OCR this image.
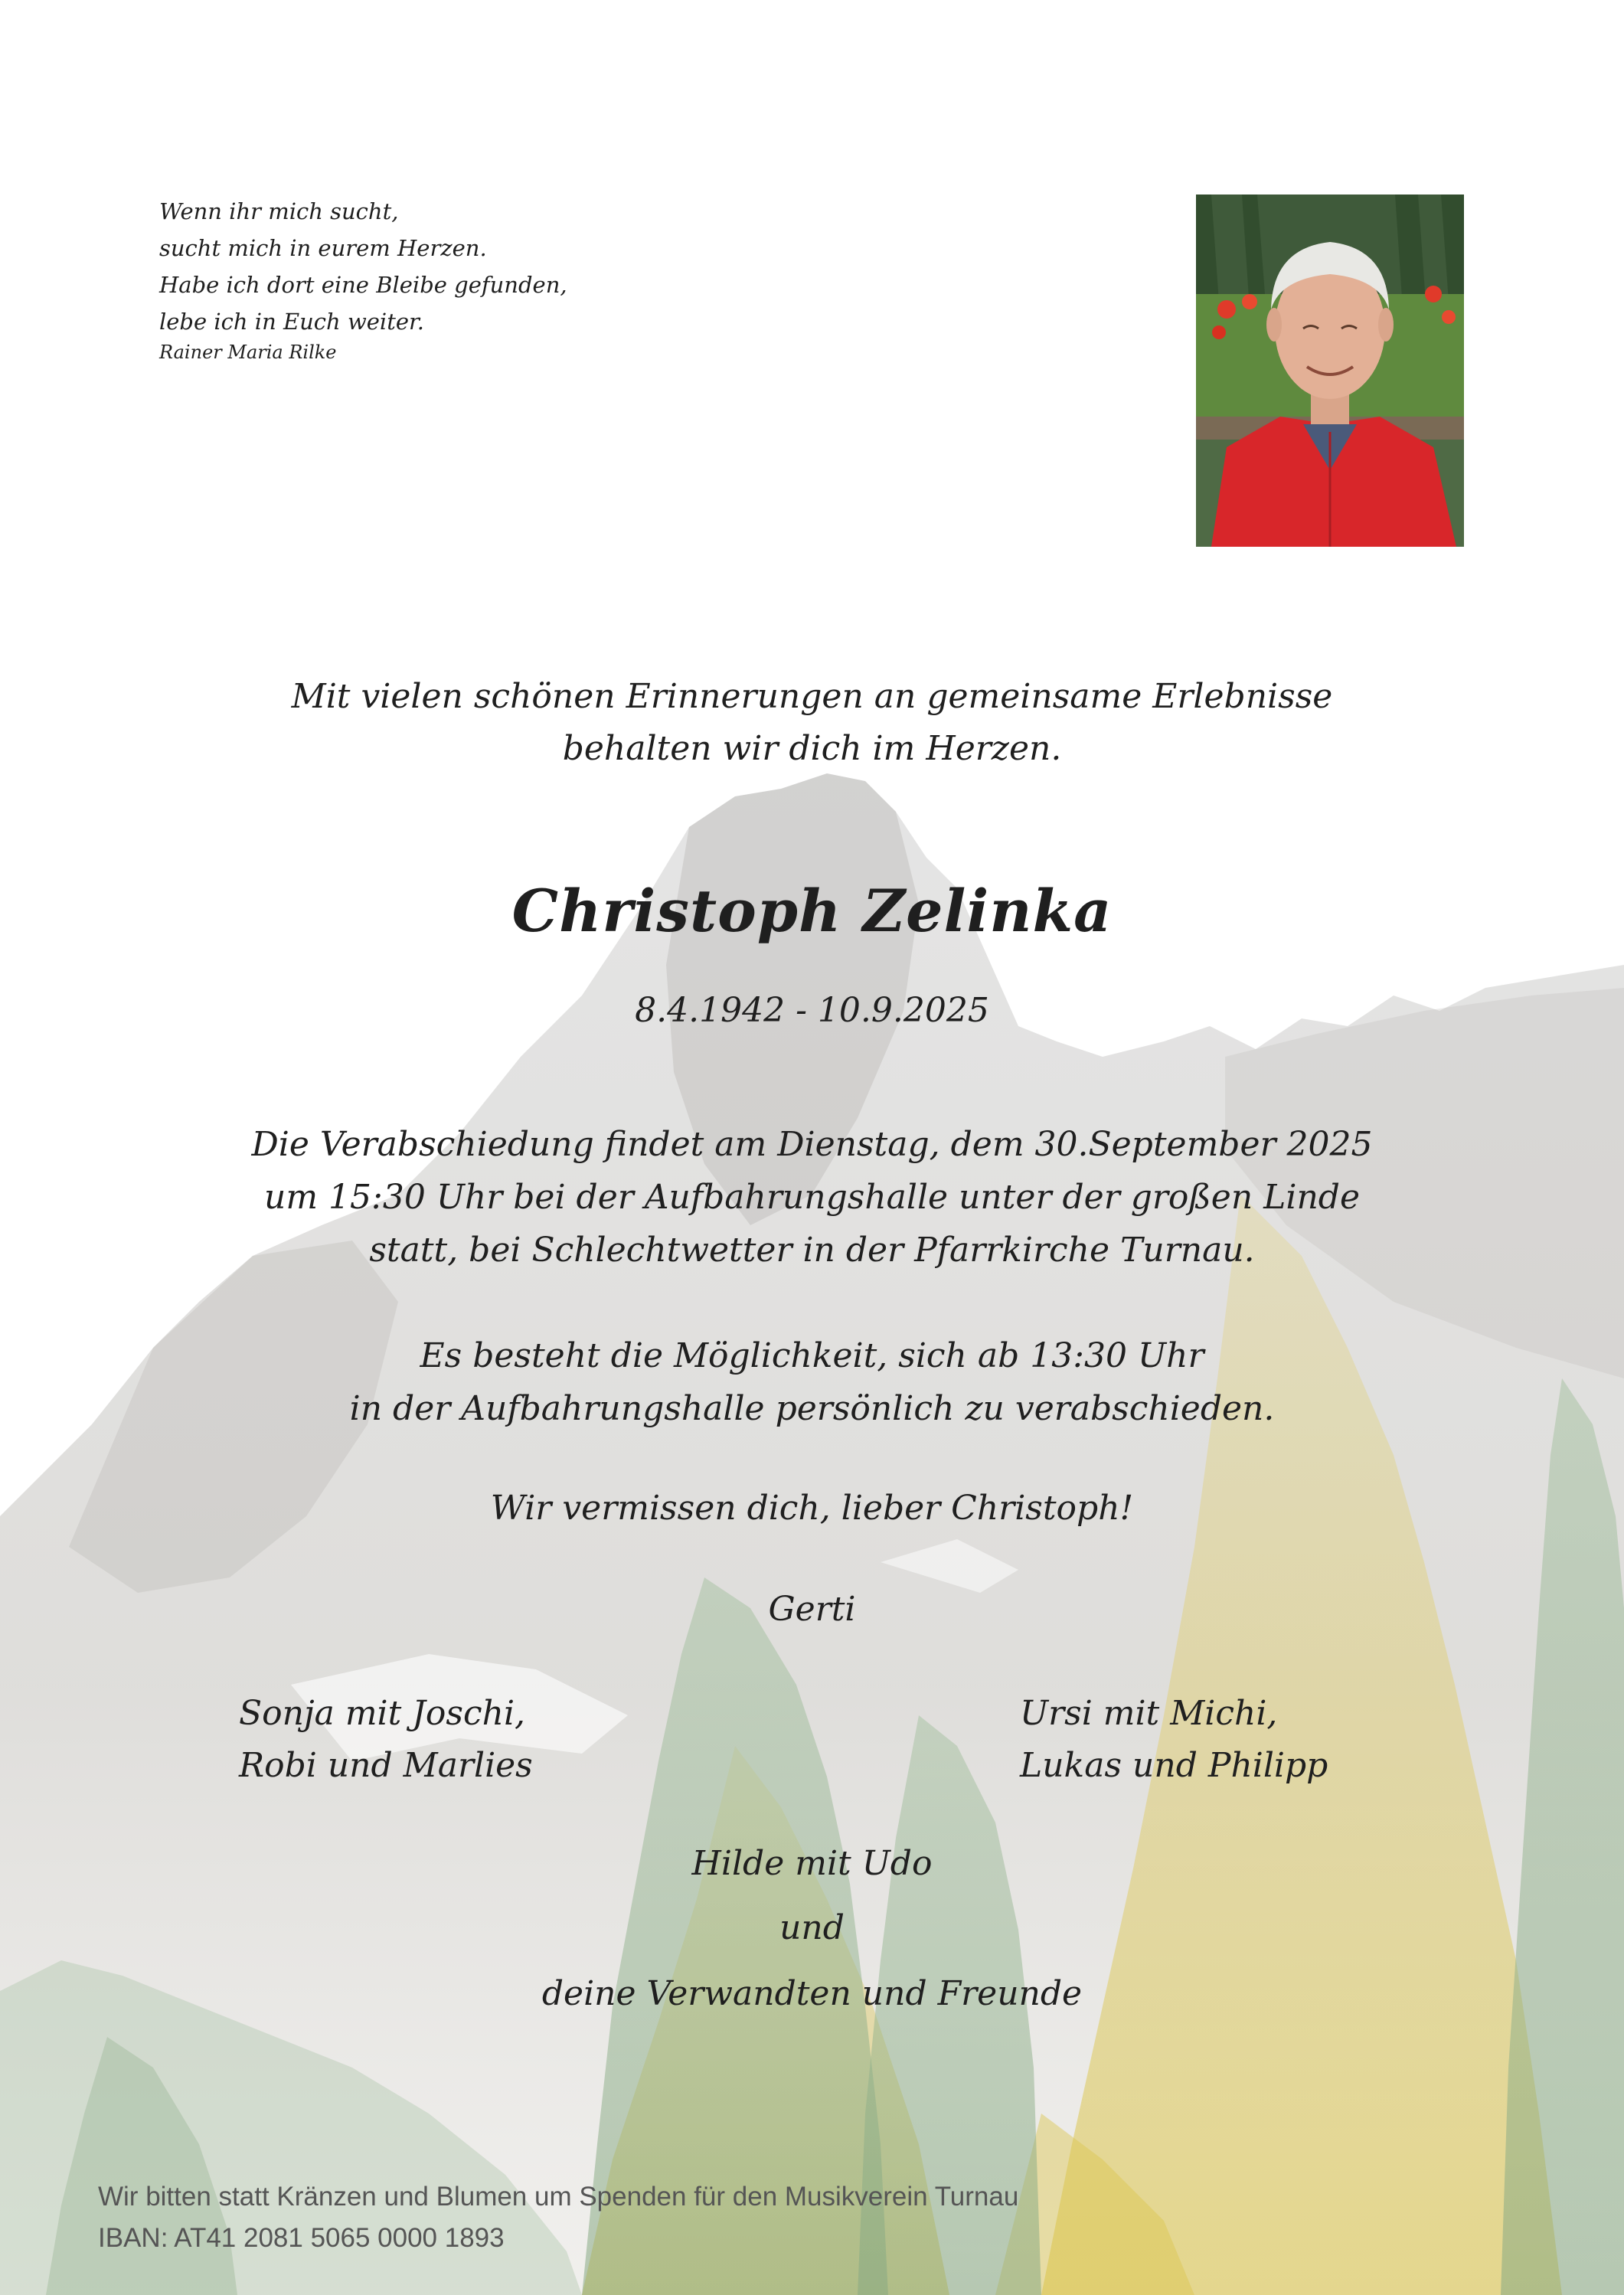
Wenn ihr mich sucht,
sucht mich in eurem Herzen.
Habe ich dort eine Bleibe gefunden,
lebe ich in Euch weiter.
Rainer Maria Rilke
Mit vielen schönen Erinnerungen an gemeinsame Erlebnisse
behalten wir dich im Herzen.
Christoph Zelinka
8.4.1942 - 10.9.2025
Die Verabschiedung findet am Dienstag, dem 30.September 2025
um 15:30 Uhr bei der Aufbahrungshalle unter der großen Linde
statt, bei Schlechtwetter in der Pfarrkirche Turnau.
Es besteht die Möglichkeit, sich ab 13:30 Uhr
in der Aufbahrungshalle persönlich zu verabschieden.
Wir vermissen dich, lieber Christoph!
Gerti
Sonja mit Joschi,
Robi und Marlies
Ursi mit Michi,
Lukas und Philipp
Hilde mit Udo
und
deine Verwandten und Freunde
Wir bitten statt Kränzen und Blumen um Spenden für den Musikverein Turnau
IBAN: AT41 2081 5065 0000 1893
